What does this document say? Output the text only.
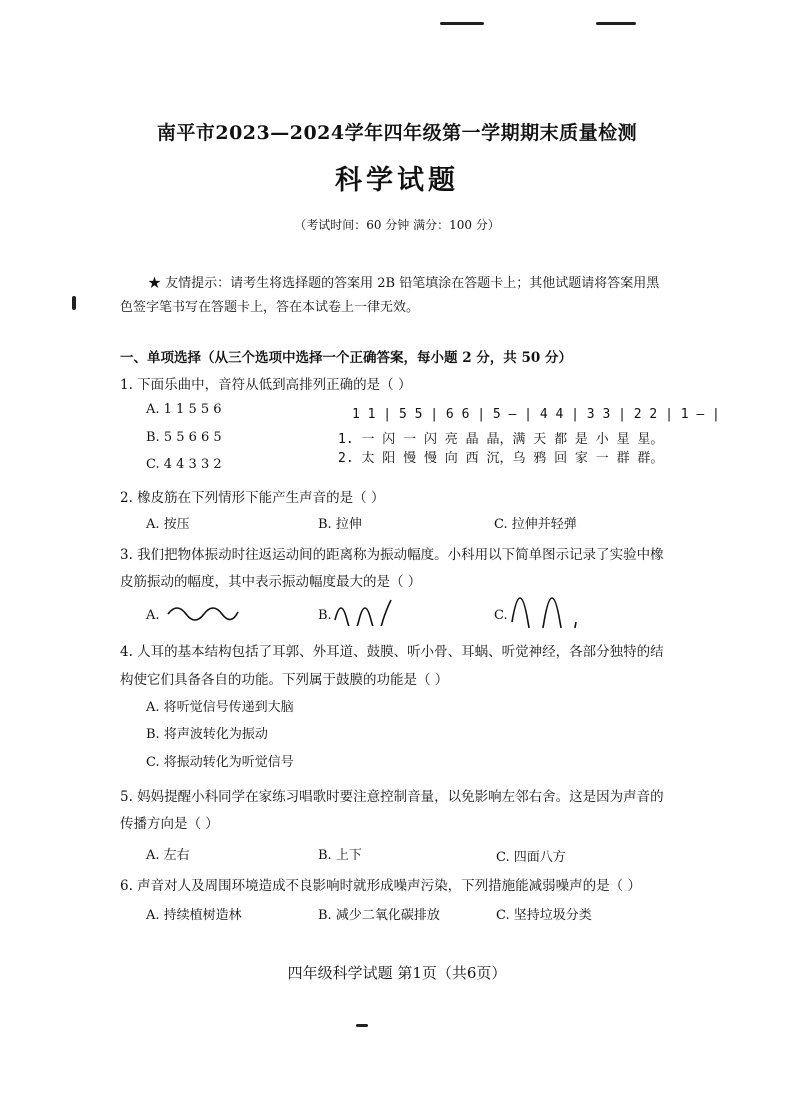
南平市2023—2024学年四年级第一学期期末质量检测
科学试题
（考试时间：60 分钟 满分：100 分）
★ 友情提示：请考生将选择题的答案用 2B 铅笔填涂在答题卡上；其他试题请将答案用黑
色签字笔书写在答题卡上，答在本试卷上一律无效。
一、单项选择（从三个选项中选择一个正确答案，每小题 2 分，共 50 分）
1. 下面乐曲中，音符从低到高排列正确的是（ ）
A. 1 1 5 5 6
B. 5 5 6 6 5
C. 4 4 3 3 2
1 1 | 5 5 | 6 6 | 5 — | 4 4 | 3 3 | 2 2 | 1 — |
1. 一 闪 一 闪 亮 晶 晶，满 天 都 是 小 星 星。
2. 太 阳 慢 慢 向 西 沉，乌 鸦 回 家 一 群 群。
2. 橡皮筋在下列情形下能产生声音的是（ ）
A. 按压	B. 拉伸	C. 拉伸并轻弹
3. 我们把物体振动时往返运动间的距离称为振动幅度。小科用以下简单图示记录了实验中橡
皮筋振动的幅度，其中表示振动幅度最大的是（ ）
A.	B.	C.
4. 人耳的基本结构包括了耳郭、外耳道、鼓膜、听小骨、耳蜗、听觉神经，各部分独特的结
构使它们具备各自的功能。下列属于鼓膜的功能是（ ）
A. 将听觉信号传递到大脑
B. 将声波转化为振动
C. 将振动转化为听觉信号
5. 妈妈提醒小科同学在家练习唱歌时要注意控制音量，以免影响左邻右舍。这是因为声音的
传播方向是（ ）
A. 左右	B. 上下	C. 四面八方
6. 声音对人及周围环境造成不良影响时就形成噪声污染，下列措施能减弱噪声的是（ ）
A. 持续植树造林	B. 减少二氧化碳排放	C. 坚持垃圾分类
四年级科学试题 第1页（共6页）
